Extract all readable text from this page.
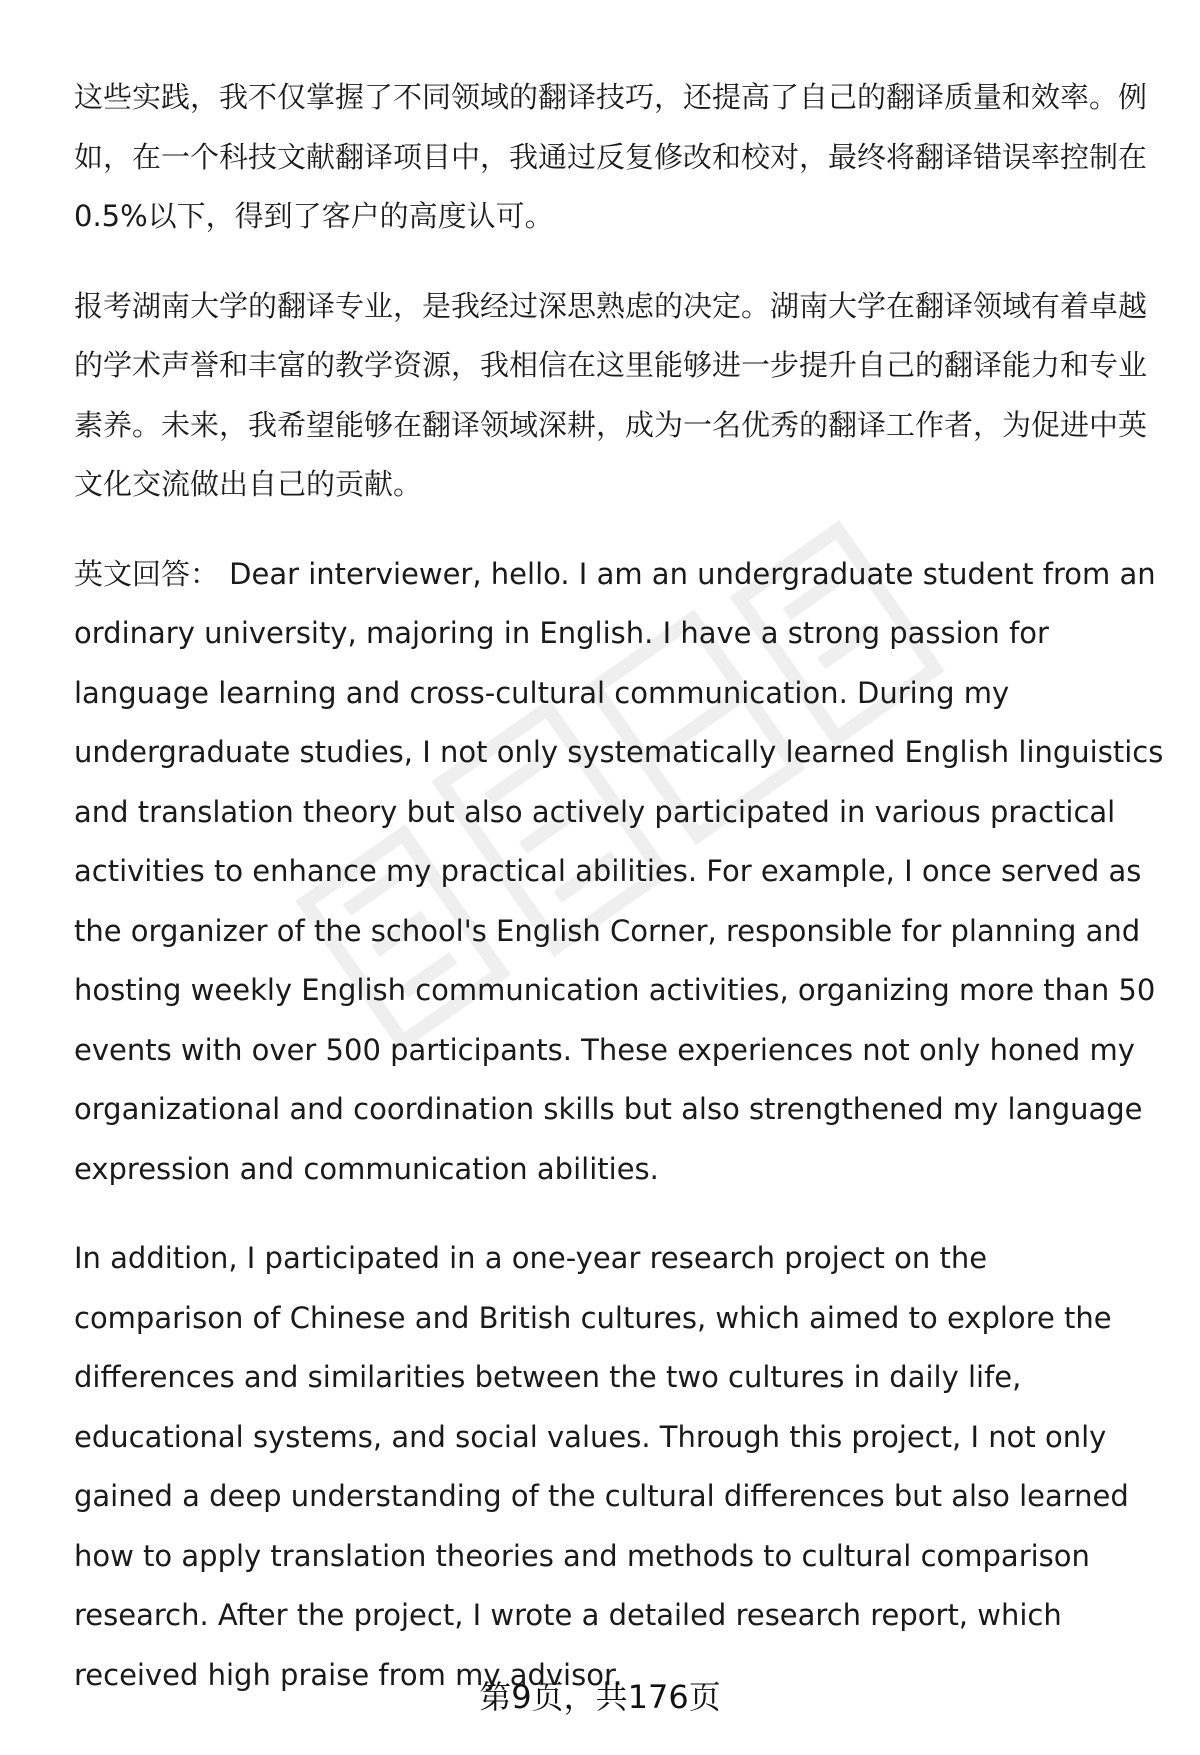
这些实践，我不仅掌握了不同领域的翻译技巧，还提高了自己的翻译质量和效率。例如，在一个科技文献翻译项目中，我通过反复修改和校对，最终将翻译错误率控制在0.5%以下，得到了客户的高度认可。

报考湖南大学的翻译专业，是我经过深思熟虑的决定。湖南大学在翻译领域有着卓越的学术声誉和丰富的教学资源，我相信在这里能够进一步提升自己的翻译能力和专业素养。未来，我希望能够在翻译领域深耕，成为一名优秀的翻译工作者，为促进中英文化交流做出自己的贡献。

英文回答： Dear interviewer, hello. I am an undergraduate student from an ordinary university, majoring in English. I have a strong passion for language learning and cross-cultural communication. During my undergraduate studies, I not only systematically learned English linguistics and translation theory but also actively participated in various practical activities to enhance my practical abilities. For example, I once served as the organizer of the school's English Corner, responsible for planning and hosting weekly English communication activities, organizing more than 50 events with over 500 participants. These experiences not only honed my organizational and coordination skills but also strengthened my language expression and communication abilities.

In addition, I participated in a one-year research project on the comparison of Chinese and British cultures, which aimed to explore the differences and similarities between the two cultures in daily life, educational systems, and social values. Through this project, I not only gained a deep understanding of the cultural differences but also learned how to apply translation theories and methods to cultural comparison research. After the project, I wrote a detailed research report, which received high praise from my advisor.

第9页，共176页
